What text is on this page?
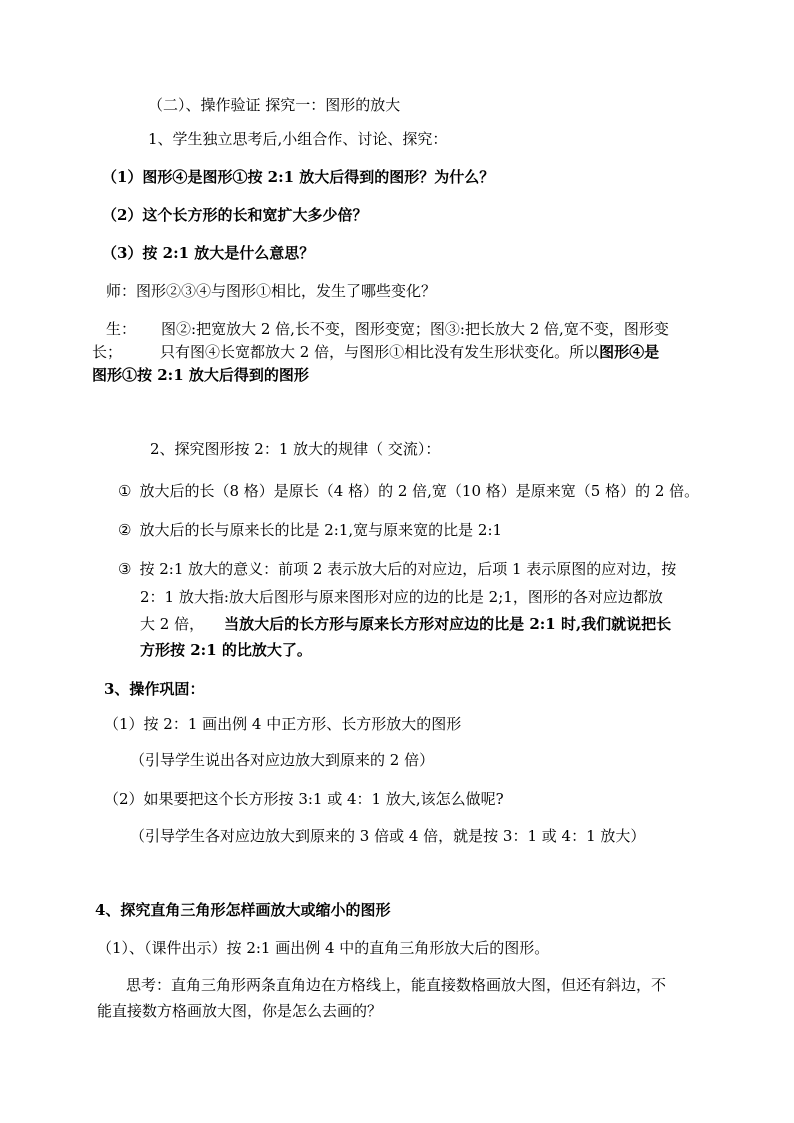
（二）、操作验证 探究一：图形的放大
1、学生独立思考后,小组合作、讨论、探究：
（1）图形④是图形①按 2:1 放大后得到的图形？为什么？
（2）这个长方形的长和宽扩大多少倍？
（3）按 2:1 放大是什么意思？
师：图形②③④与图形①相比，发生了哪些变化？
生： 图②:把宽放大 2 倍,长不变，图形变宽；图③:把长放大 2 倍,宽不变，图形变
长；	只有图④长宽都放大 2 倍，与图形①相比没有发生形状变化。所以图形④是
图形①按 2:1 放大后得到的图形
2、探究图形按 2：1 放大的规律（ 交流）：
① 放大后的长（8 格）是原长（4 格）的 2 倍,宽（10 格）是原来宽（5 格）的 2 倍。
② 放大后的长与原来长的比是 2:1,宽与原来宽的比是 2:1
③ 按 2:1 放大的意义：前项 2 表示放大后的对应边，后项 1 表示原图的应对边，按
2：1 放大指:放大后图形与原来图形对应的边的比是 2;1，图形的各对应边都放
大 2 倍， 当放大后的长方形与原来长方形对应边的比是 2:1 时,我们就说把长
方形按 2:1 的比放大了。
3、操作巩固：
（1）按 2：1 画出例 4 中正方形、长方形放大的图形
（引导学生说出各对应边放大到原来的 2 倍）
（2）如果要把这个长方形按 3:1 或 4：1 放大,该怎么做呢?
（引导学生各对应边放大到原来的 3 倍或 4 倍，就是按 3：1 或 4：1 放大）
4、探究直角三角形怎样画放大或缩小的图形
（1）、（课件出示）按 2:1 画出例 4 中的直角三角形放大后的图形。
思考：直角三角形两条直角边在方格线上，能直接数格画放大图，但还有斜边，不
能直接数方格画放大图，你是怎么去画的？
